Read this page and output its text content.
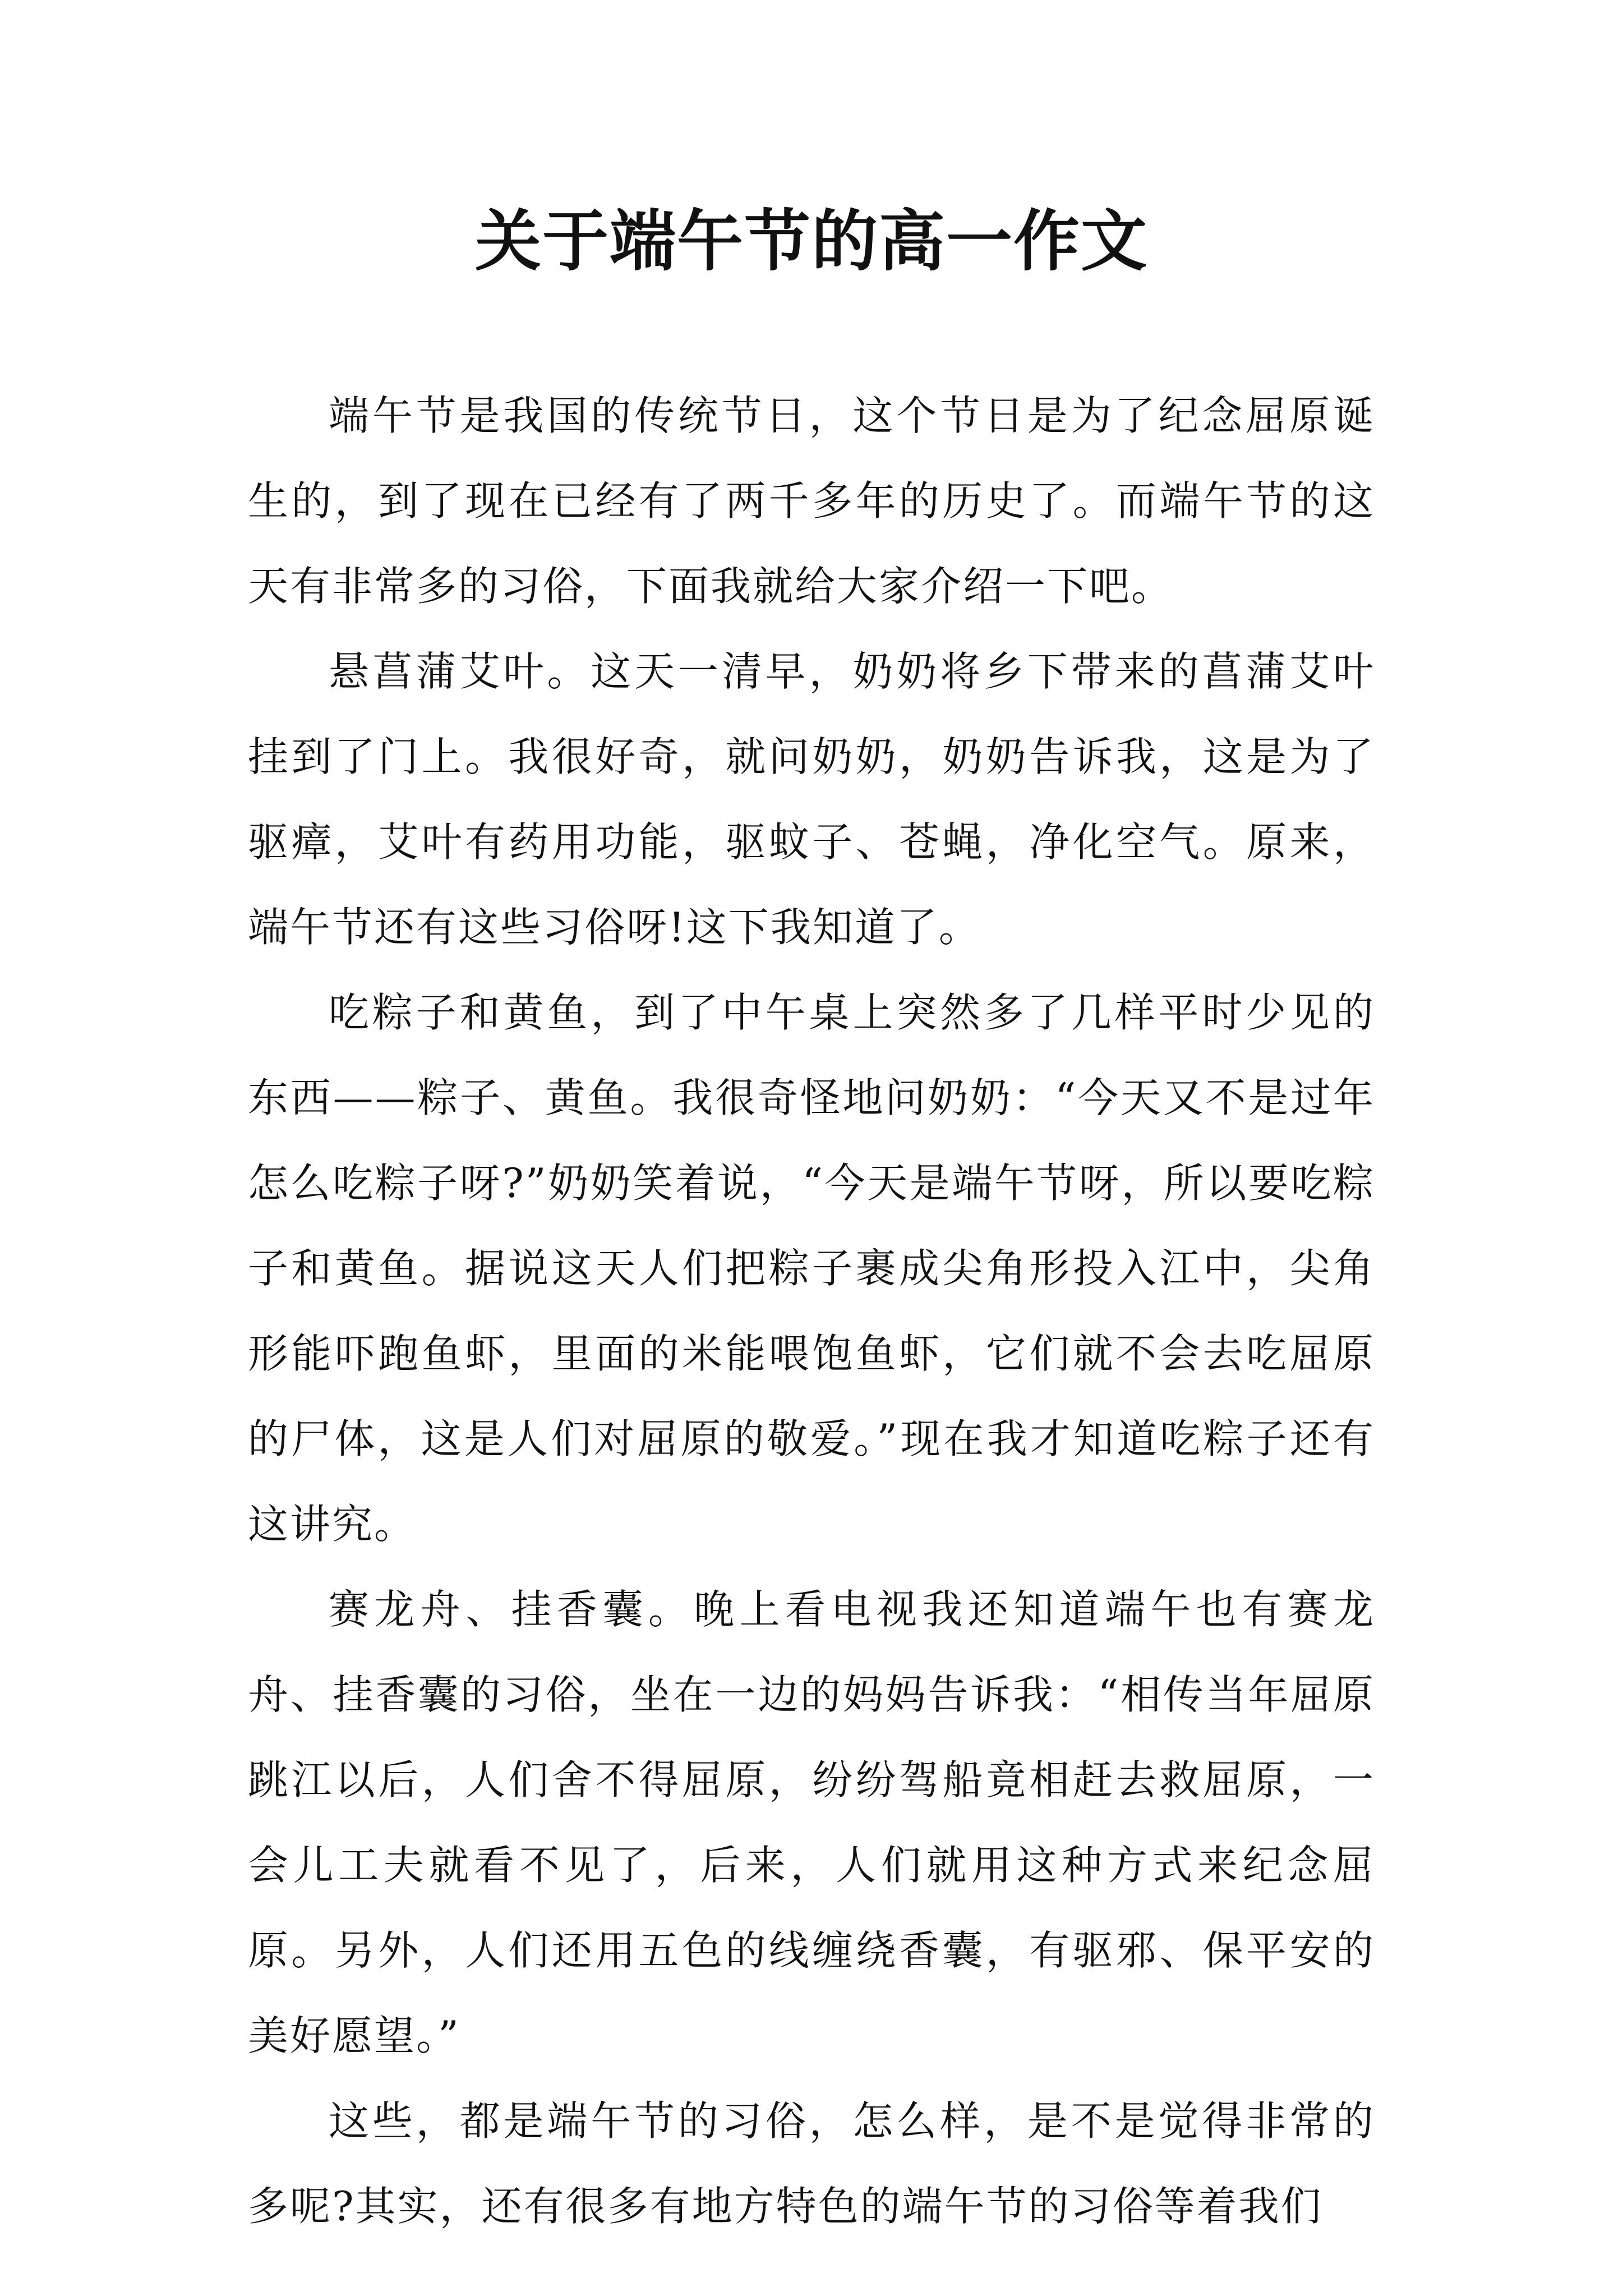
关于端午节的高一作文

端午节是我国的传统节日，这个节日是为了纪念屈原诞生的，到了现在已经有了两千多年的历史了。而端午节的这天有非常多的习俗，下面我就给大家介绍一下吧。

悬菖蒲艾叶。这天一清早，奶奶将乡下带来的菖蒲艾叶挂到了门上。我很好奇，就问奶奶，奶奶告诉我，这是为了驱瘴，艾叶有药用功能，驱蚊子、苍蝇，净化空气。原来，端午节还有这些习俗呀!这下我知道了。

吃粽子和黄鱼，到了中午桌上突然多了几样平时少见的东西——粽子、黄鱼。我很奇怪地问奶奶：“今天又不是过年怎么吃粽子呀?”奶奶笑着说，“今天是端午节呀，所以要吃粽子和黄鱼。据说这天人们把粽子裹成尖角形投入江中，尖角形能吓跑鱼虾，里面的米能喂饱鱼虾，它们就不会去吃屈原的尸体，这是人们对屈原的敬爱。”现在我才知道吃粽子还有这讲究。

赛龙舟、挂香囊。晚上看电视我还知道端午也有赛龙舟、挂香囊的习俗，坐在一边的妈妈告诉我：“相传当年屈原跳江以后，人们舍不得屈原，纷纷驾船竟相赶去救屈原，一会儿工夫就看不见了，后来，人们就用这种方式来纪念屈原。另外，人们还用五色的线缠绕香囊，有驱邪、保平安的美好愿望。”

这些，都是端午节的习俗，怎么样，是不是觉得非常的多呢?其实，还有很多有地方特色的端午节的习俗等着我们
